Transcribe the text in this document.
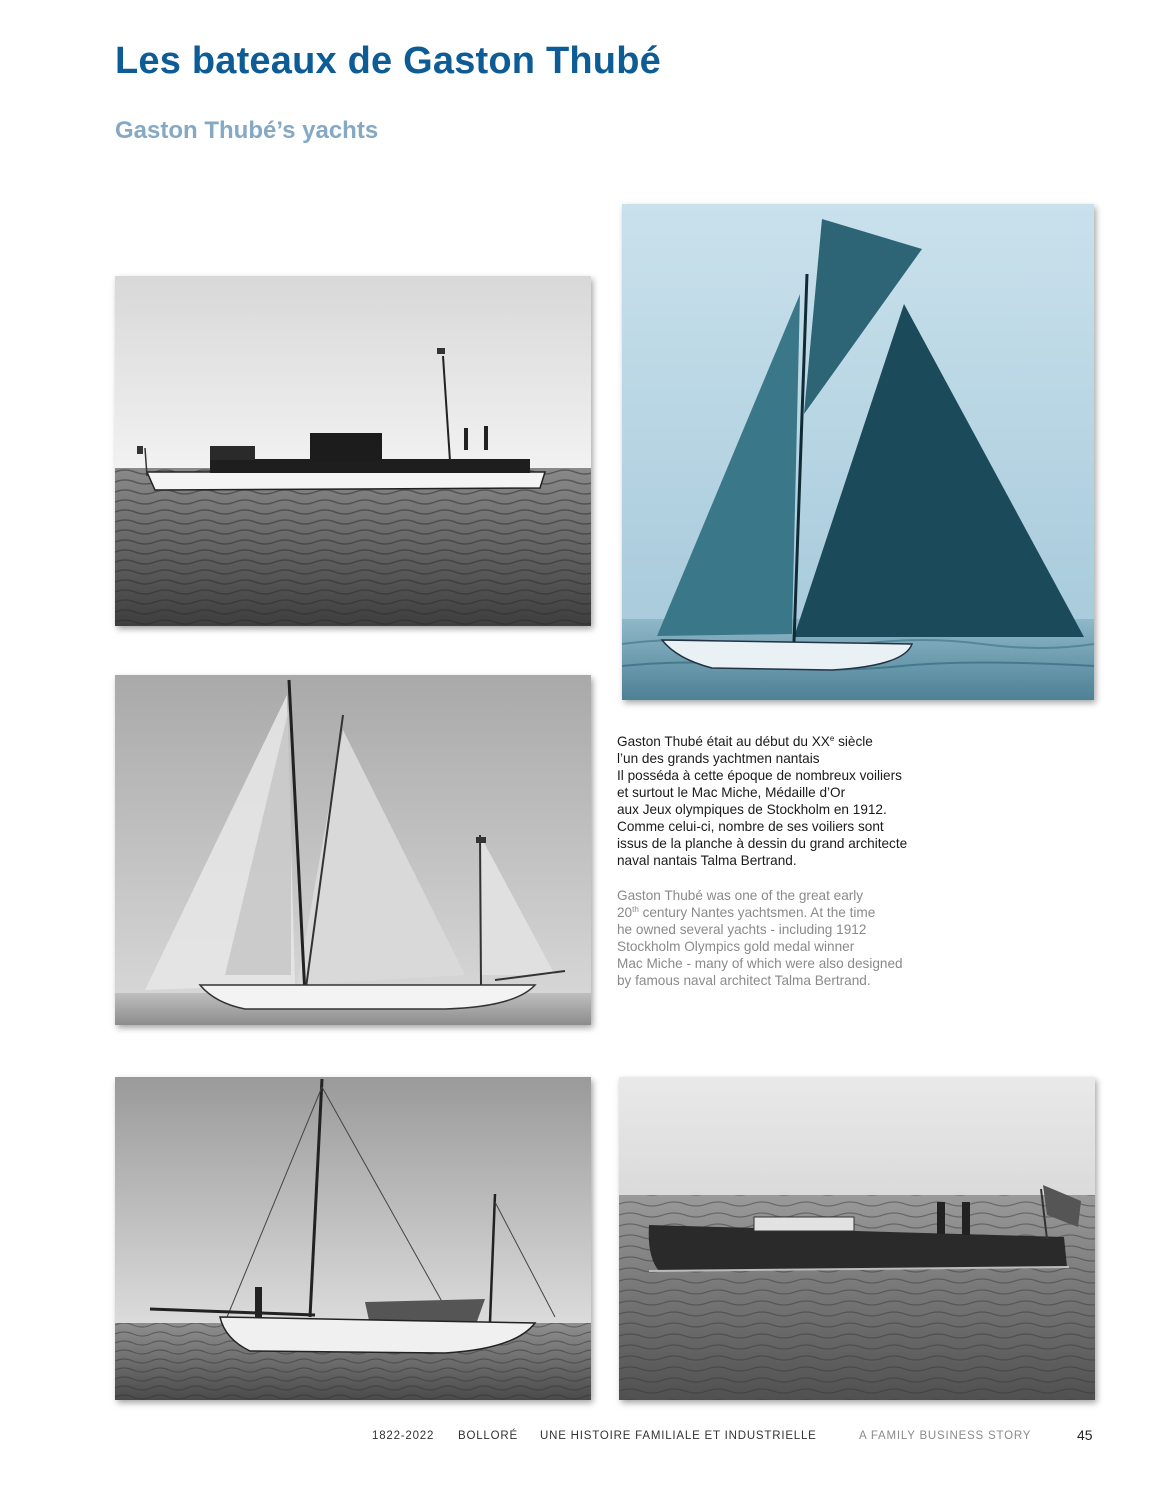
Les bateaux de Gaston Thubé
Gaston Thubé’s yachts
Gaston Thubé était au début du XXe siècle
l’un des grands yachtmen nantais
Il posséda à cette époque de nombreux voiliers
et surtout le Mac Miche, Médaille d’Or
aux Jeux olympiques de Stockholm en 1912.
Comme celui-ci, nombre de ses voiliers sont
issus de la planche à dessin du grand architecte
naval nantais Talma Bertrand.
Gaston Thubé was one of the great early
20th century Nantes yachtsmen. At the time
he owned several yachts - including 1912
Stockholm Olympics gold medal winner
Mac Miche - many of which were also designed
by famous naval architect Talma Bertrand.
1822-2022 BOLLORÉ UNE HISTOIRE FAMILIALE ET INDUSTRIELLE	A FAMILY BUSINESS STORY	45
